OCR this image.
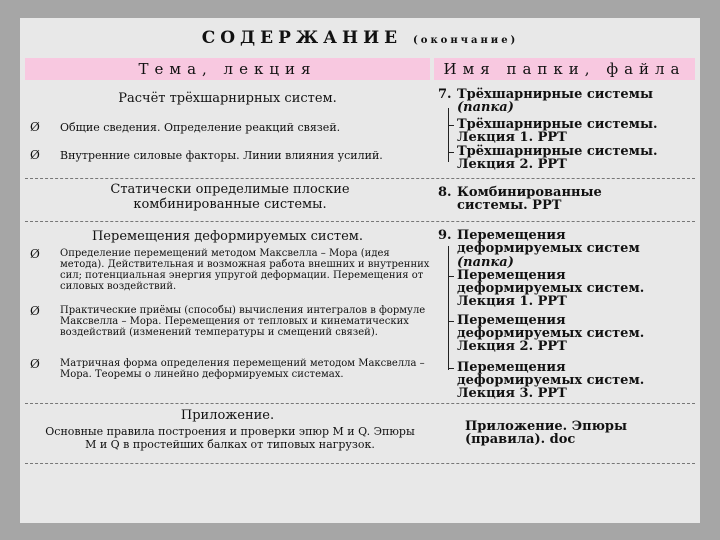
СОДЕРЖАНИЕ (окончание)
Тема, лекция	Имя папки, файла
Расчёт трёхшарнирных систем.
Ø Общие сведения. Определение реакций связей.
Ø Внутренние силовые факторы. Линии влияния усилий.
7. Трёхшарнирные системы
(папка)
Трёхшарнирные системы. Лекция 1. PPT
Трёхшарнирные системы. Лекция 2. PPT
Статически определимые плоские комбинированные системы.
8. Комбинированные системы. PPT
Перемещения деформируемых систем.
Ø Определение перемещений методом Максвелла – Мора (идея метода). Действительная и возможная работа внешних и внутренних сил; потенциальная энергия упругой деформации. Перемещения от силовых воздействий.
Ø Практические приёмы (способы) вычисления интегралов в формуле Максвелла – Мора. Перемещения от тепловых и кинематических воздействий (изменений температуры и смещений связей).
Ø Матричная форма определения перемещений методом Максвелла – Мора. Теоремы о линейно деформируемых системах.
9. Перемещения деформируемых систем
(папка)
Перемещения деформируемых систем. Лекция 1. PPT
Перемещения деформируемых систем. Лекция 2. PPT
Перемещения деформируемых систем. Лекция 3. PPT
Приложение.
Основные правила построения и проверки эпюр M и Q. Эпюры M и Q в простейших балках от типовых нагрузок.
Приложение. Эпюры (правила). doc
